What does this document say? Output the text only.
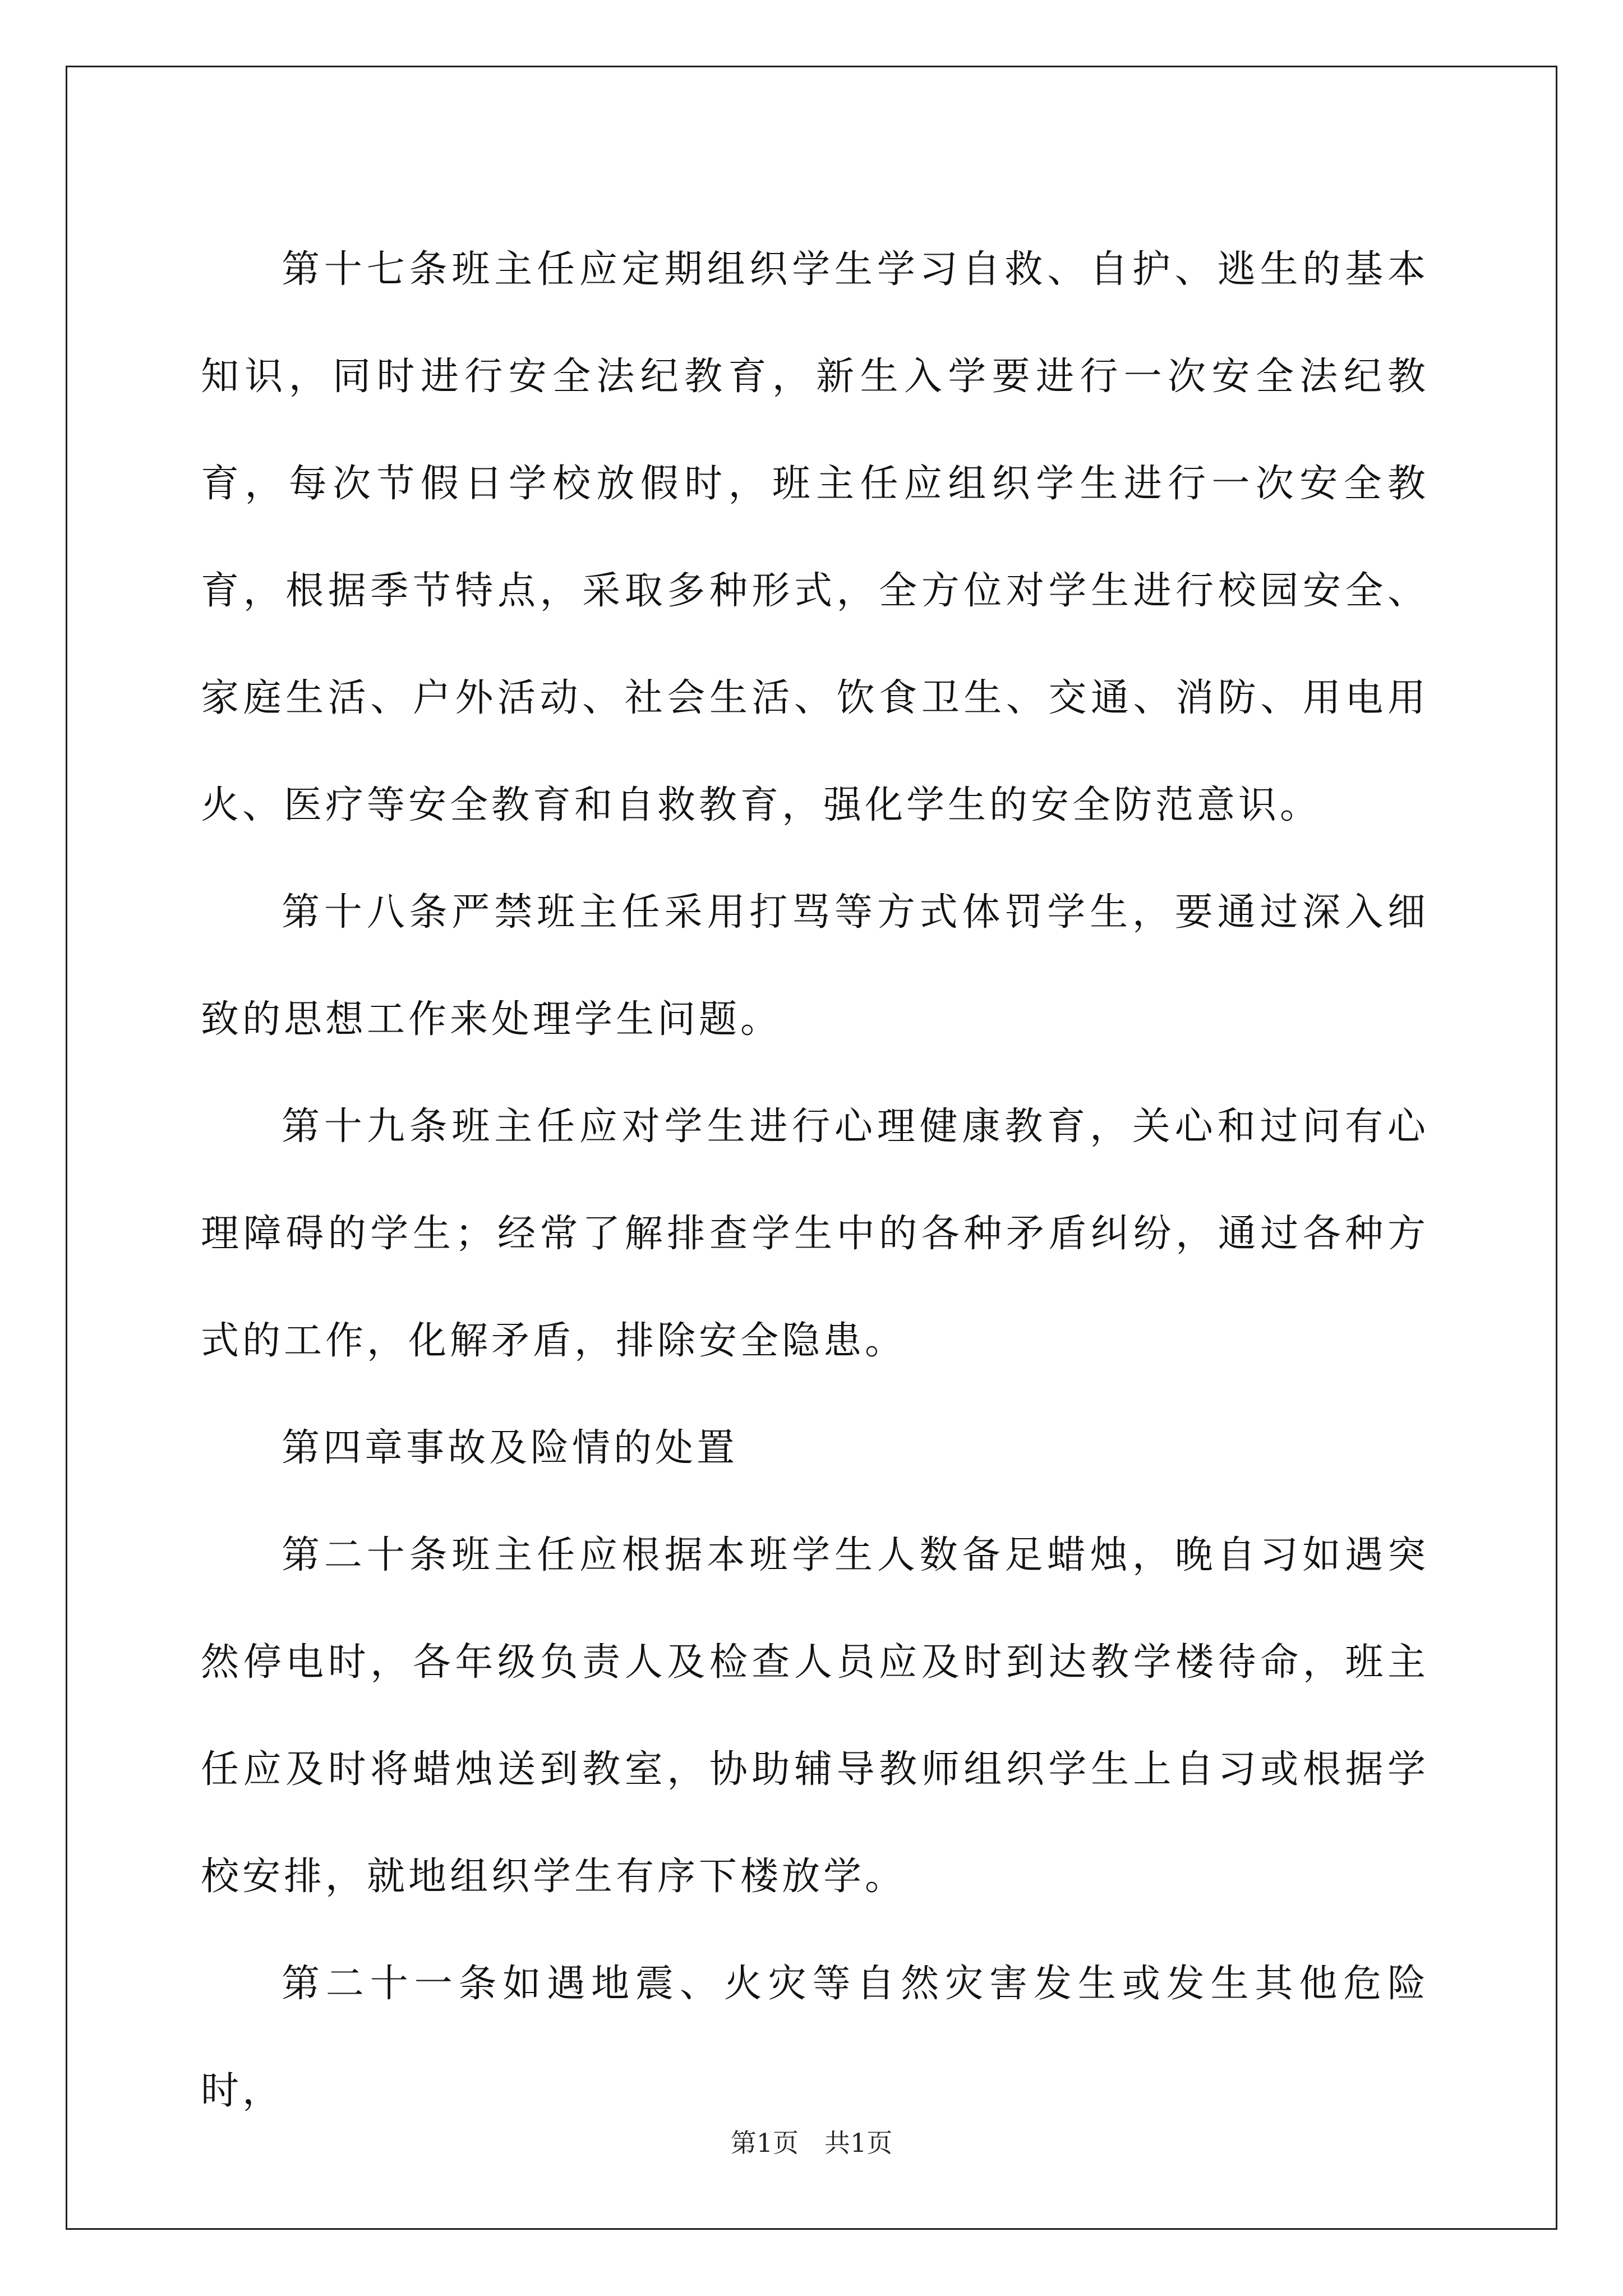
第十七条班主任应定期组织学生学习自救、自护、逃生的基本知识，同时进行安全法纪教育，新生入学要进行一次安全法纪教育，每次节假日学校放假时，班主任应组织学生进行一次安全教育，根据季节特点，采取多种形式，全方位对学生进行校园安全、家庭生活、户外活动、社会生活、饮食卫生、交通、消防、用电用火、医疗等安全教育和自救教育，强化学生的安全防范意识。

第十八条严禁班主任采用打骂等方式体罚学生，要通过深入细致的思想工作来处理学生问题。

第十九条班主任应对学生进行心理健康教育，关心和过问有心理障碍的学生；经常了解排查学生中的各种矛盾纠纷，通过各种方式的工作，化解矛盾，排除安全隐患。

第四章事故及险情的处置

第二十条班主任应根据本班学生人数备足蜡烛，晚自习如遇突然停电时，各年级负责人及检查人员应及时到达教学楼待命，班主任应及时将蜡烛送到教室，协助辅导教师组织学生上自习或根据学校安排，就地组织学生有序下楼放学。

第二十一条如遇地震、火灾等自然灾害发生或发生其他危险时，

第1页　共1页
